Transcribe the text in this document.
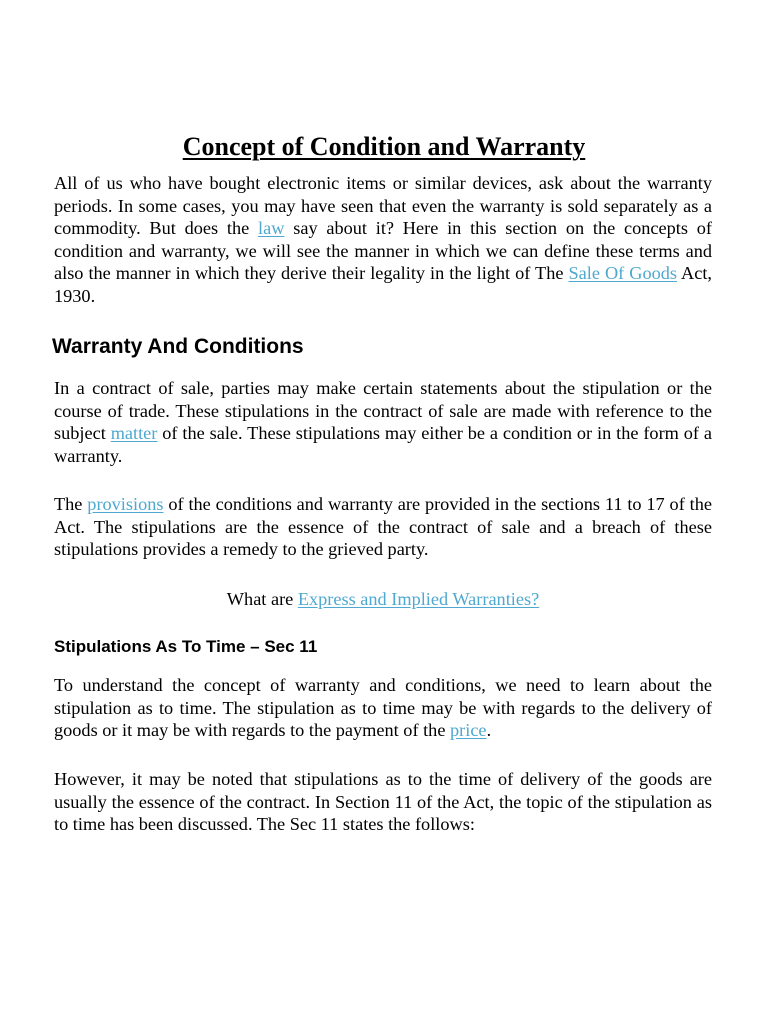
Concept of Condition and Warranty

All of us who have bought electronic items or similar devices, ask about the warranty periods. In some cases, you may have seen that even the warranty is sold separately as a commodity. But does the law say about it? Here in this section on the concepts of condition and warranty, we will see the manner in which we can define these terms and also the manner in which they derive their legality in the light of The Sale Of Goods Act, 1930.

Warranty And Conditions

In a contract of sale, parties may make certain statements about the stipulation or the course of trade. These stipulations in the contract of sale are made with reference to the subject matter of the sale. These stipulations may either be a condition or in the form of a warranty.

The provisions of the conditions and warranty are provided in the sections 11 to 17 of the Act. The stipulations are the essence of the contract of sale and a breach of these stipulations provides a remedy to the grieved party.

What are Express and Implied Warranties?

Stipulations As To Time – Sec 11

To understand the concept of warranty and conditions, we need to learn about the stipulation as to time. The stipulation as to time may be with regards to the delivery of goods or it may be with regards to the payment of the price.

However, it may be noted that stipulations as to the time of delivery of the goods are usually the essence of the contract. In Section 11 of the Act, the topic of the stipulation as to time has been discussed. The Sec 11 states the follows:
